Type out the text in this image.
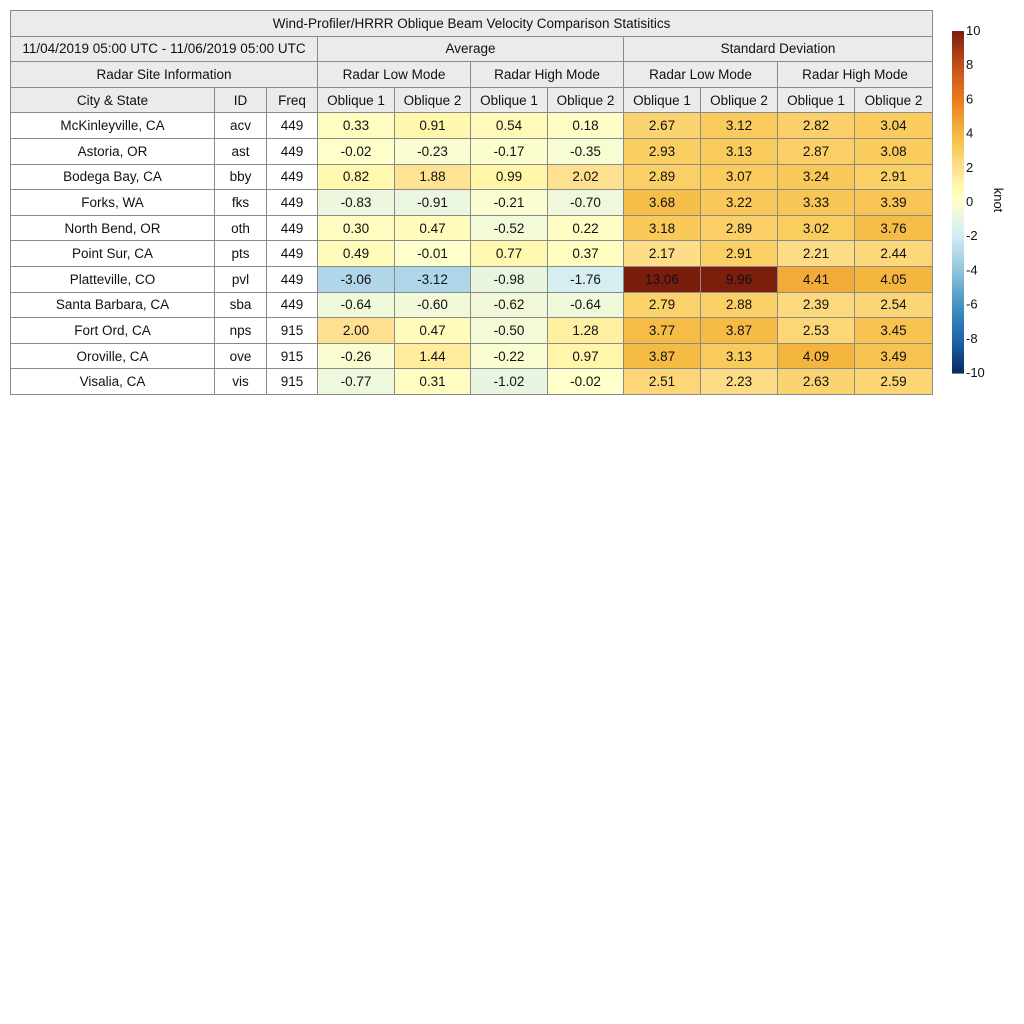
Wind-Profiler/HRRR Oblique Beam Velocity Comparison Statisitics										
11/04/2019 05:00 UTC - 11/06/2019 05:00 UTC			Average				Standard Deviation			
Radar Site Information			Radar Low Mode		Radar High Mode		Radar Low Mode		Radar High Mode	
City & State	ID	Freq	Oblique 1	Oblique 2	Oblique 1	Oblique 2	Oblique 1	Oblique 2	Oblique 1	Oblique 2
McKinleyville, CA	acv	449	0.33	0.91	0.54	0.18	2.67	3.12	2.82	3.04
Astoria, OR	ast	449	-0.02	-0.23	-0.17	-0.35	2.93	3.13	2.87	3.08
Bodega Bay, CA	bby	449	0.82	1.88	0.99	2.02	2.89	3.07	3.24	2.91
Forks, WA	fks	449	-0.83	-0.91	-0.21	-0.70	3.68	3.22	3.33	3.39
North Bend, OR	oth	449	0.30	0.47	-0.52	0.22	3.18	2.89	3.02	3.76
Point Sur, CA	pts	449	0.49	-0.01	0.77	0.37	2.17	2.91	2.21	2.44
Platteville, CO	pvl	449	-3.06	-3.12	-0.98	-1.76	13.06	9.96	4.41	4.05
Santa Barbara, CA	sba	449	-0.64	-0.60	-0.62	-0.64	2.79	2.88	2.39	2.54
Fort Ord, CA	nps	915	2.00	0.47	-0.50	1.28	3.77	3.87	2.53	3.45
Oroville, CA	ove	915	-0.26	1.44	-0.22	0.97	3.87	3.13	4.09	3.49
Visalia, CA	vis	915	-0.77	0.31	-1.02	-0.02	2.51	2.23	2.63	2.59
10
8
6
4
2
0
-2
-4
-6
-8
-10
knot
